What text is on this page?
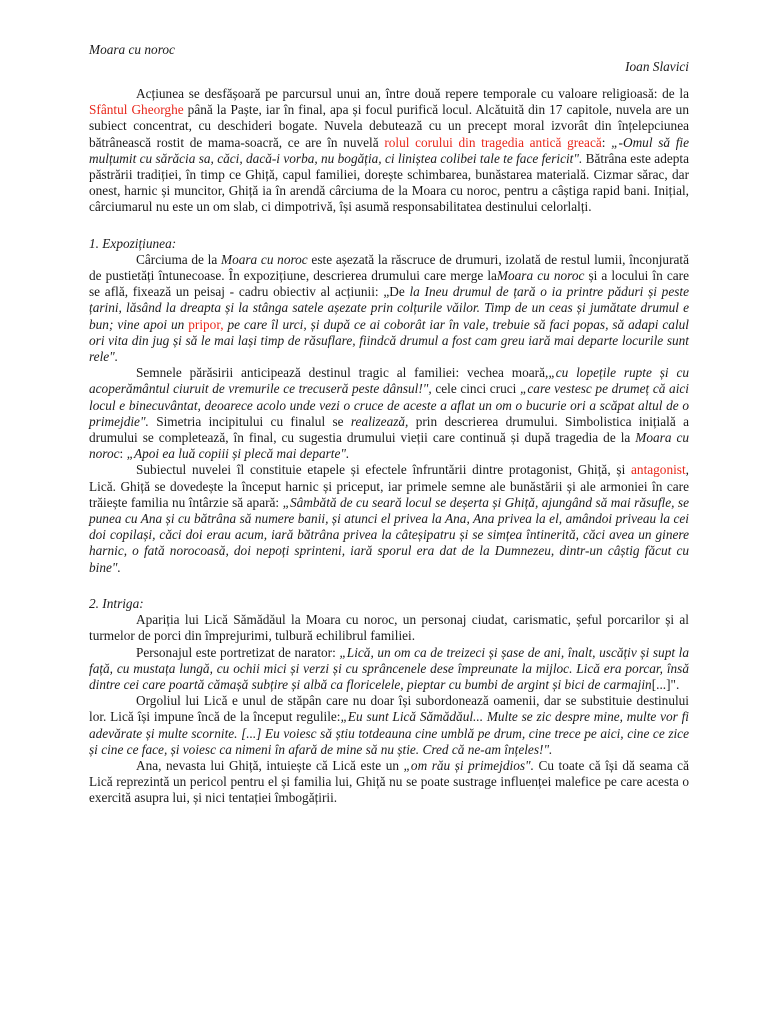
Moara cu noroc
Ioan Slavici

Acțiunea se desfășoară pe parcursul unui an, între două repere temporale cu valoare religioasă: de la Sfântul Gheorghe până la Paște, iar în final, apa și focul purifică locul. Alcătuită din 17 capitole, nuvela are un subiect concentrat, cu deschideri bogate. Nuvela debutează cu un precept moral izvorât din înțelepciunea bătrânească rostit de mama-soacră, ce are în nuvelă rolul corului din tragedia antică greacă: „-Omul să fie mulțumit cu sărăcia sa, căci, dacă-i vorba, nu bogăția, ci liniștea colibei tale te face fericit". Bătrâna este adepta păstrării tradiției, în timp ce Ghiță, capul familiei, dorește schimbarea, bunăstarea materială. Cizmar sărac, dar onest, harnic și muncitor, Ghiță ia în arendă cârciuma de la Moara cu noroc, pentru a câștiga rapid bani. Inițial, cârciumarul nu este un om slab, ci dimpotrivă, își asumă responsabilitatea destinului celorlalți.

1. Expozițiunea:

Cârciuma de la Moara cu noroc este așezată la răscruce de drumuri, izolată de restul lumii, înconjurată de pustietăți întunecoase. În expozițiune, descrierea drumului care merge laMoara cu noroc și a locului în care se află, fixează un peisaj - cadru obiectiv al acțiunii: „De la Ineu drumul de țară o ia printre păduri și peste țarini, lăsând la dreapta și la stânga satele așezate prin colțurile văilor. Timp de un ceas și jumătate drumul e bun; vine apoi un pripor, pe care îl urci, și după ce ai coborât iar în vale, trebuie să faci popas, să adapi calul ori vita din jug și să le mai lași timp de răsuflare, fiindcă drumul a fost cam greu iară mai departe locurile sunt rele".

Semnele părăsirii anticipează destinul tragic al familiei: vechea moară,„cu lopețile rupte și cu acoperământul ciuruit de vremurile ce trecuseră peste dânsul!", cele cinci cruci „care vestesc pe drumeț că aici locul e binecuvântat, deoarece acolo unde vezi o cruce de aceste a aflat un om o bucurie ori a scăpat altul de o primejdie". Simetria incipitului cu finalul se realizează, prin descrierea drumului. Simbolistica inițială a drumului se completează, în final, cu sugestia drumului vieții care continuă și după tragedia de la Moara cu noroc: „Apoi ea luă copiii și plecă mai departe".

Subiectul nuvelei îl constituie etapele și efectele înfruntării dintre protagonist, Ghiță, și antagonist, Lică. Ghiță se dovedește la început harnic și priceput, iar primele semne ale bunăstării și ale armoniei în care trăiește familia nu întârzie să apară: „Sâmbătă de cu seară locul se deșerta și Ghiță, ajungând să mai răsufle, se punea cu Ana și cu bătrâna să numere banii, și atunci el privea la Ana, Ana privea la el, amândoi priveau la cei doi copilași, căci doi erau acum, iară bătrâna privea la câteșipatru și se simțea întinerită, căci avea un ginere harnic, o fată norocoasă, doi nepoți sprinteni, iară sporul era dat de la Dumnezeu, dintr-un câștig făcut cu bine".

2. Intriga:

Apariția lui Lică Sămădăul la Moara cu noroc, un personaj ciudat, carismatic, șeful porcarilor și al turmelor de porci din împrejurimi, tulbură echilibrul familiei.

Personajul este portretizat de narator: „Lică, un om ca de treizeci și șase de ani, înalt, uscățiv și supt la față, cu mustața lungă, cu ochii mici și verzi și cu sprâncenele dese împreunate la mijloc. Lică era porcar, însă dintre cei care poartă cămașă subțire și albă ca floricelele, pieptar cu bumbi de argint și bici de carmajin[...]".

Orgoliul lui Lică e unul de stăpân care nu doar își subordonează oamenii, dar se substituie destinului lor. Lică își impune încă de la început regulile:„Eu sunt Lică Sămădăul... Multe se zic despre mine, multe vor fi adevărate și multe scornite. [...] Eu voiesc să știu totdeauna cine umblă pe drum, cine trece pe aici, cine ce zice și cine ce face, și voiesc ca nimeni în afară de mine să nu știe. Cred că ne-am înțeles!".

Ana, nevasta lui Ghiță, intuiește că Lică este un „om rău și primejdios". Cu toate că își dă seama că Lică reprezintă un pericol pentru el și familia lui, Ghiță nu se poate sustrage influenței malefice pe care acesta o exercită asupra lui, și nici tentației îmbogățirii.
